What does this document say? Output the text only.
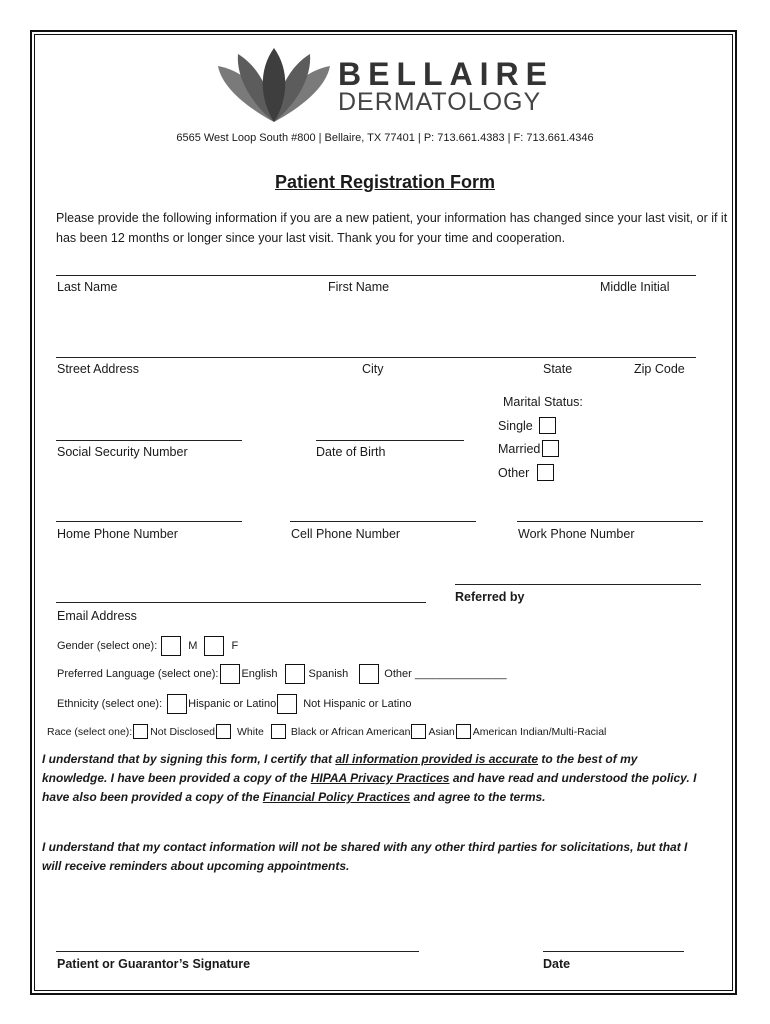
BELLAIRE
DERMATOLOGY
6565 West Loop South #800 | Bellaire, TX 77401 | P: 713.661.4383 | F: 713.661.4346
Patient Registration Form
Please provide the following information if you are a new patient, your information has changed since your last visit, or if it has been 12 months or longer since your last visit. Thank you for your time and cooperation.
Last Name	First Name	Middle Initial
Street Address	City	State	Zip Code
Marital Status:
Single
Married
Other
Social Security Number	Date of Birth
Home Phone Number	Cell Phone Number	Work Phone Number
Referred by
Email Address
Gender (select one):	M	F
Preferred Language (select one): English	Spanish	Other _______________
Ethnicity (select one): Hispanic or Latino Not Hispanic or Latino
Race (select one): Not Disclosed White	Black or African American Asian American Indian/Multi-Racial
I understand that by signing this form, I certify that all information provided is accurate to the best of my knowledge. I have been provided a copy of the HIPAA Privacy Practices and have read and understood the policy. I have also been provided a copy of the Financial Policy Practices and agree to the terms.
I understand that my contact information will not be shared with any other third parties for solicitations, but that I will receive reminders about upcoming appointments.
Patient or Guarantor’s Signature	Date
